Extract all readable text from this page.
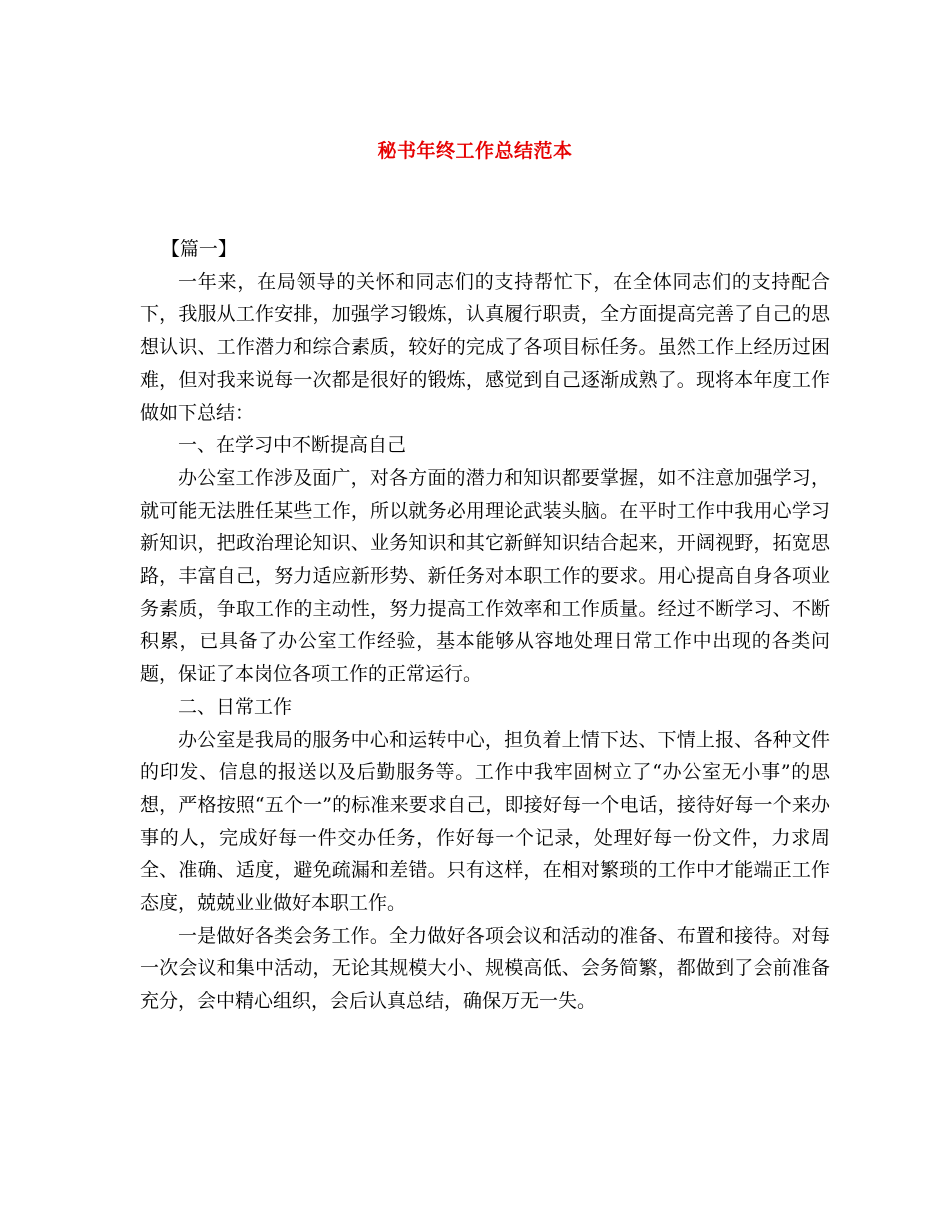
秘书年终工作总结范本

【篇一】

一年来，在局领导的关怀和同志们的支持帮忙下，在全体同志们的支持配合下，我服从工作安排，加强学习锻炼，认真履行职责，全方面提高完善了自己的思想认识、工作潜力和综合素质，较好的完成了各项目标任务。虽然工作上经历过困难，但对我来说每一次都是很好的锻炼，感觉到自己逐渐成熟了。现将本年度工作做如下总结：

一、在学习中不断提高自己

办公室工作涉及面广，对各方面的潜力和知识都要掌握，如不注意加强学习，就可能无法胜任某些工作，所以就务必用理论武装头脑。在平时工作中我用心学习新知识，把政治理论知识、业务知识和其它新鲜知识结合起来，开阔视野，拓宽思路，丰富自己，努力适应新形势、新任务对本职工作的要求。用心提高自身各项业务素质，争取工作的主动性，努力提高工作效率和工作质量。经过不断学习、不断积累，已具备了办公室工作经验，基本能够从容地处理日常工作中出现的各类问题，保证了本岗位各项工作的正常运行。

二、日常工作

办公室是我局的服务中心和运转中心，担负着上情下达、下情上报、各种文件的印发、信息的报送以及后勤服务等。工作中我牢固树立了“办公室无小事”的思想，严格按照“五个一”的标准来要求自己，即接好每一个电话，接待好每一个来办事的人，完成好每一件交办任务，作好每一个记录，处理好每一份文件，力求周全、准确、适度，避免疏漏和差错。只有这样，在相对繁琐的工作中才能端正工作态度，兢兢业业做好本职工作。

一是做好各类会务工作。全力做好各项会议和活动的准备、布置和接待。对每一次会议和集中活动，无论其规模大小、规模高低、会务简繁，都做到了会前准备充分，会中精心组织，会后认真总结，确保万无一失。
